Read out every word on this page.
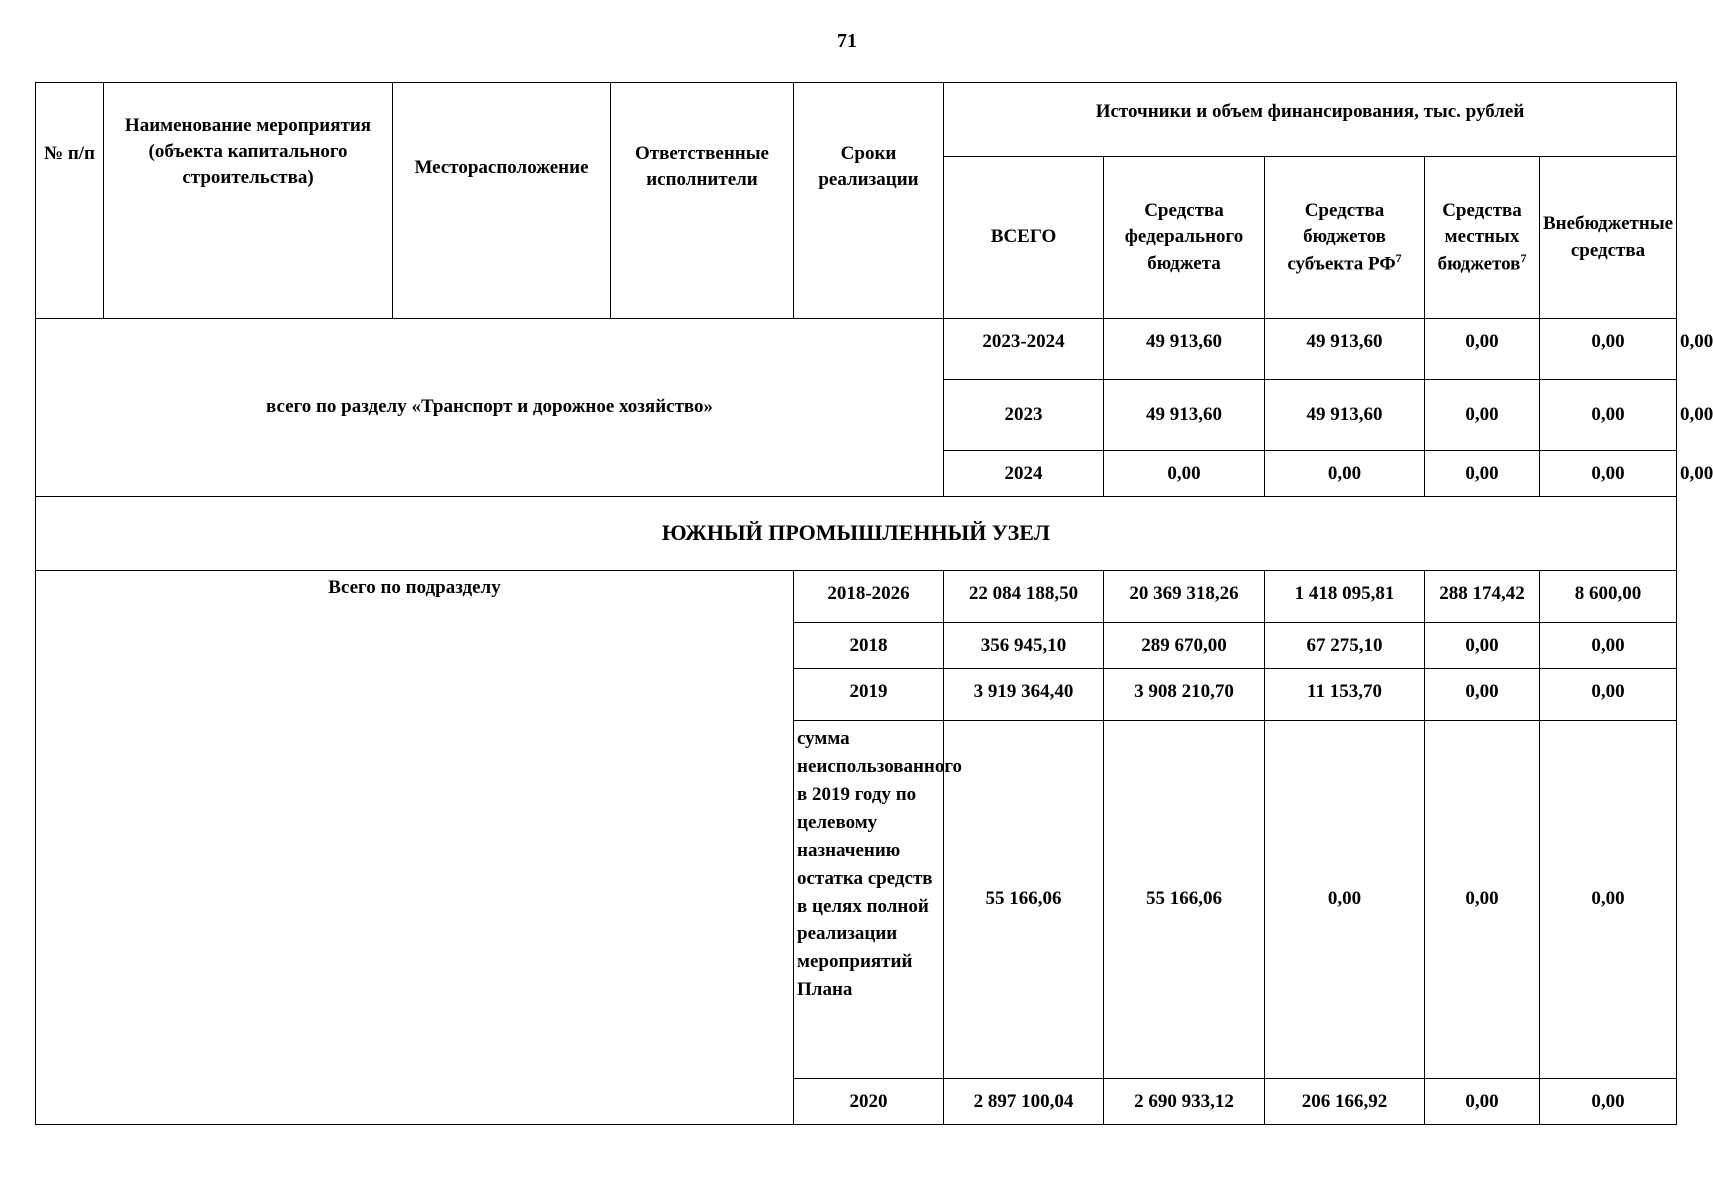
71
№ п/п	Наименование мероприятия (объекта капитального строительства)	Месторасположение	Ответственные исполнители	Сроки реализации	Источники и объем финансирования, тыс. рублей					
					ВСЕГО	Средства федерального бюджета	Средства бюджетов субъекта $РФ^7$	Средства местных бюджетов$^7$	Внебюджетные средства	
всего по разделу «Транспорт и дорожное хозяйство»					2023-2024	49 913,60	49 913,60	0,00	0,00	0,00
					2023	49 913,60	49 913,60	0,00	0,00	0,00
					2024	0,00	0,00	0,00	0,00	0,00
ЮЖНЫЙ ПРОМЫШЛЕННЫЙ УЗЕЛ										
Всего по подразделу				2018-2026	22 084 188,50	20 369 318,26	1 418 095,81	288 174,42	8 600,00	
				2018	356 945,10	289 670,00	67 275,10	0,00	0,00	
				2019	3 919 364,40	3 908 210,70	11 153,70	0,00	0,00	
				сумма неиспользованного в 2019 году по целевому назначению остатка средств в целях полной реализации мероприятий Плана	55 166,06	55 166,06	0,00	0,00	0,00	
				2020	2 897 100,04	2 690 933,12	206 166,92	0,00	0,00	
